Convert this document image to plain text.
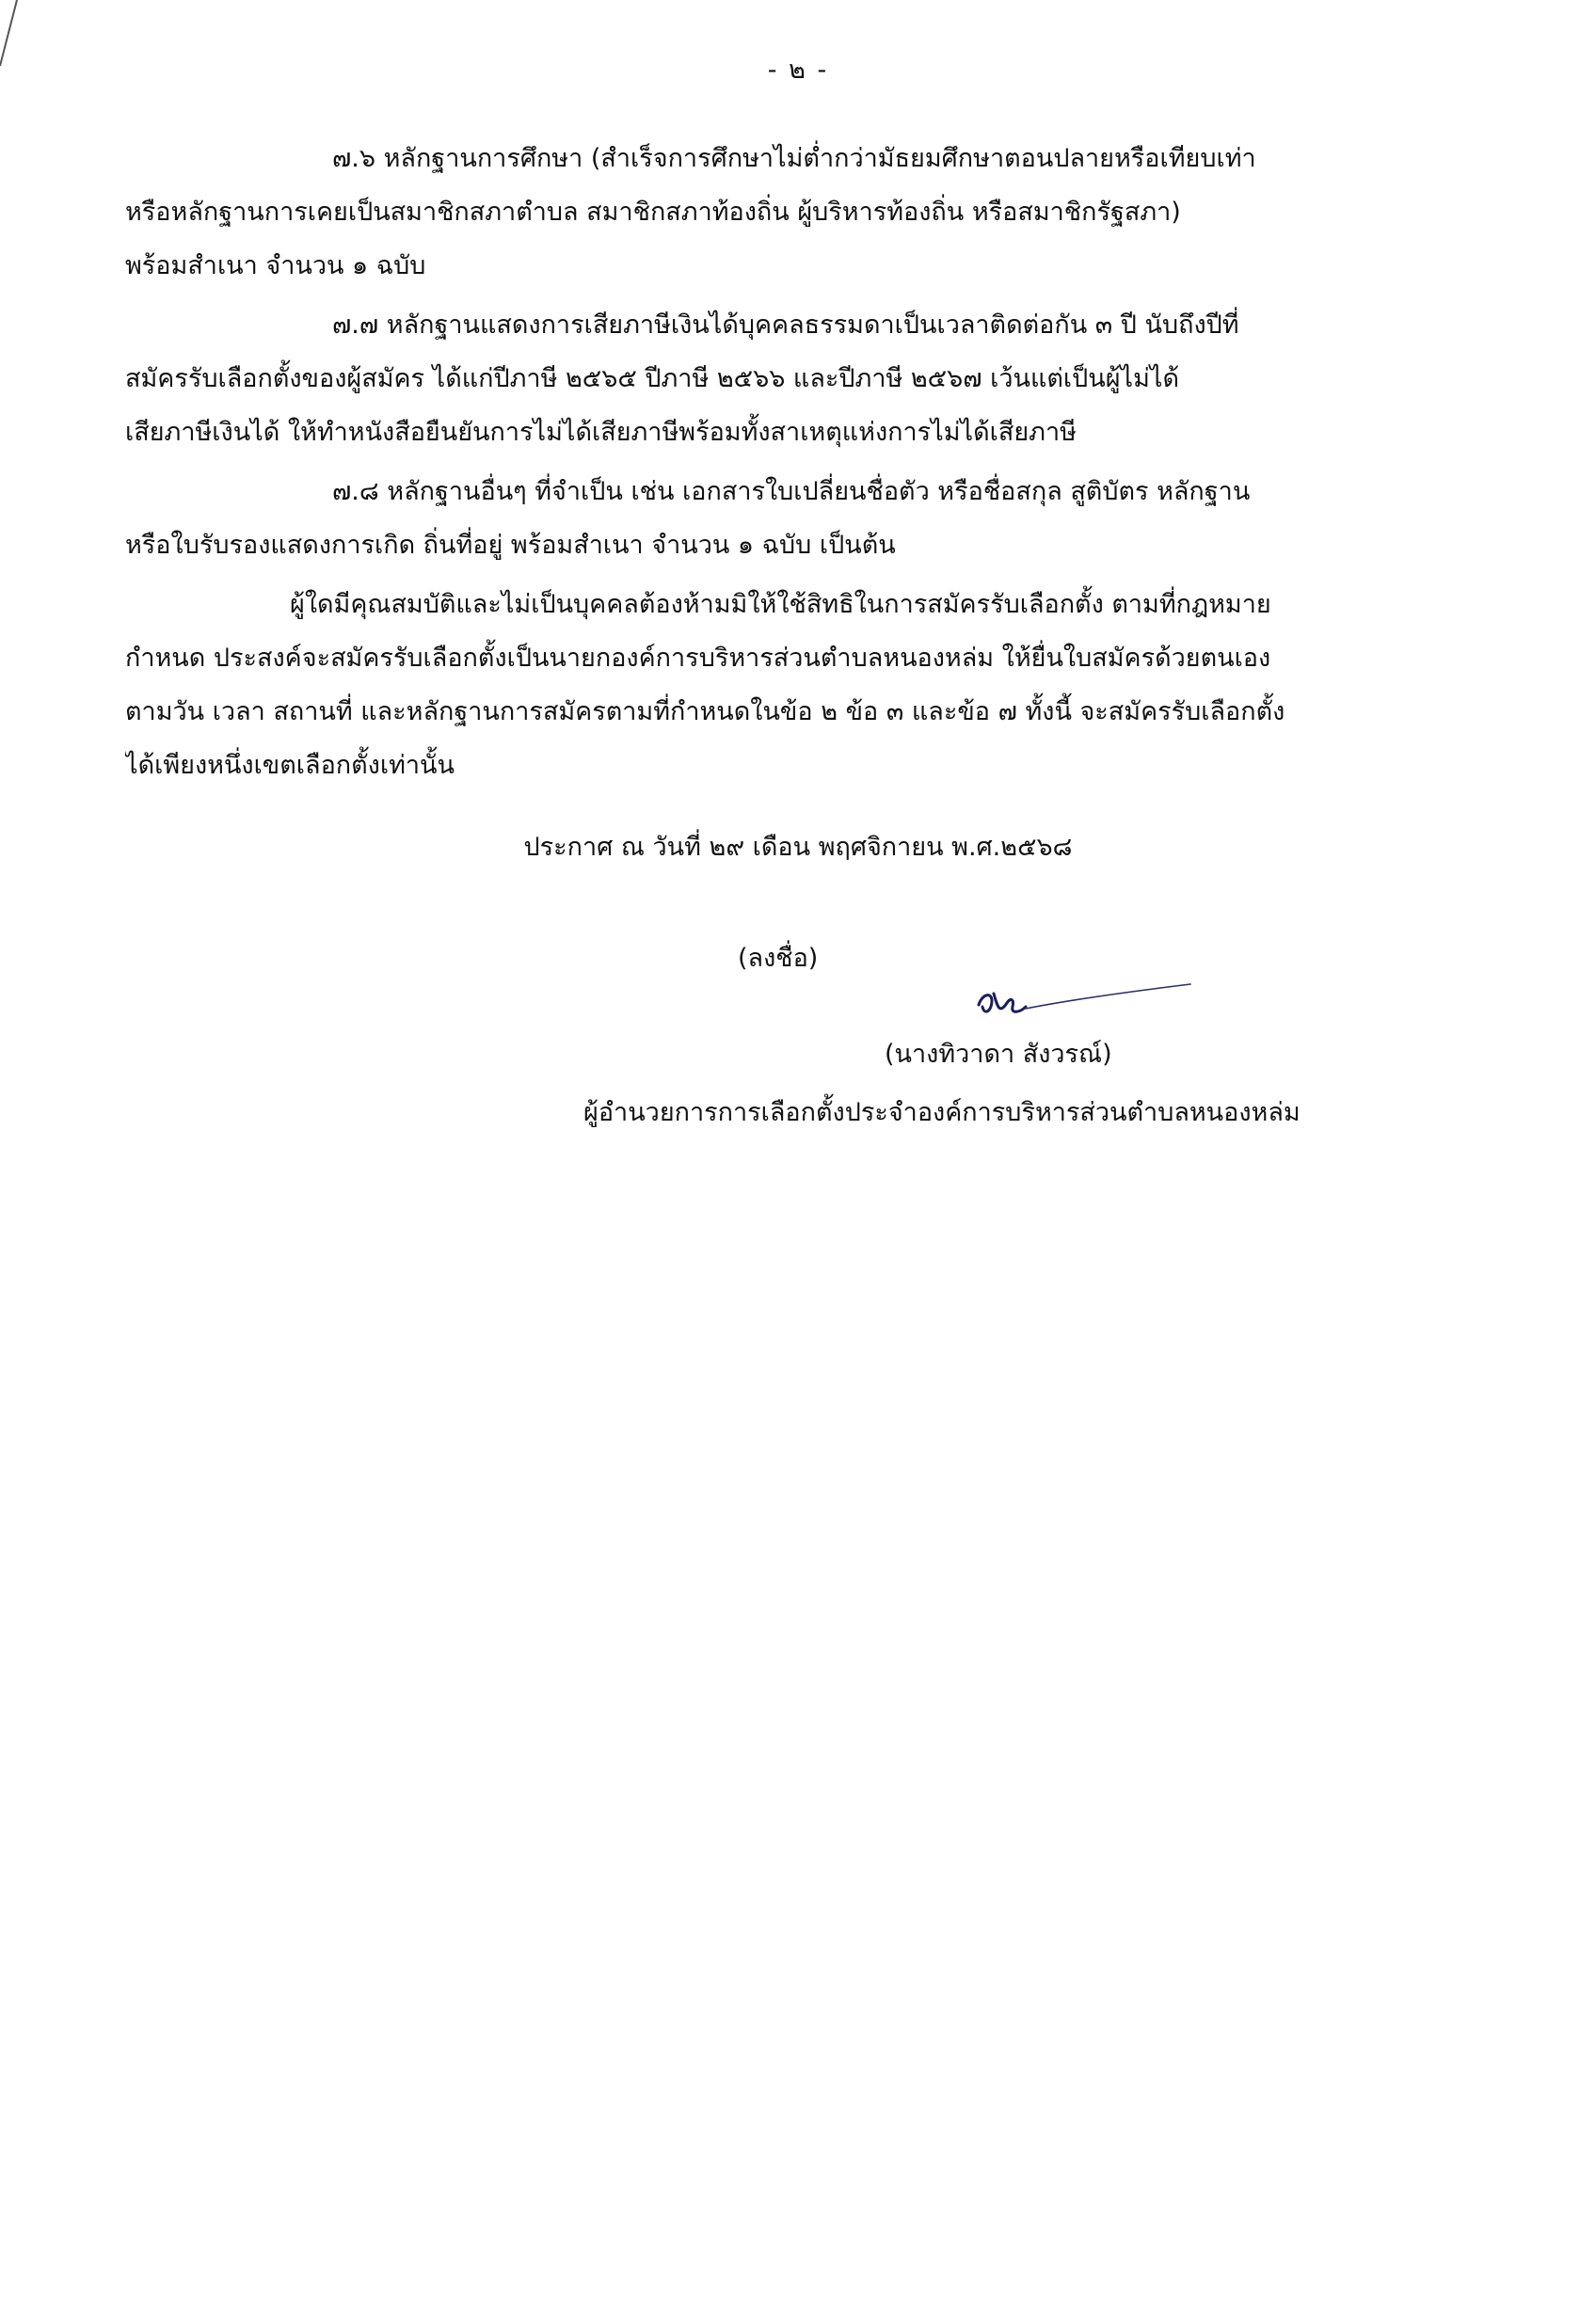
- ๒ -
๗.๖ หลักฐานการศึกษา (สำเร็จการศึกษาไม่ต่ำกว่ามัธยมศึกษาตอนปลายหรือเทียบเท่า
หรือหลักฐานการเคยเป็นสมาชิกสภาตำบล สมาชิกสภาท้องถิ่น ผู้บริหารท้องถิ่น หรือสมาชิกรัฐสภา)
พร้อมสำเนา จำนวน ๑ ฉบับ
๗.๗ หลักฐานแสดงการเสียภาษีเงินได้บุคคลธรรมดาเป็นเวลาติดต่อกัน ๓ ปี นับถึงปีที่
สมัครรับเลือกตั้งของผู้สมัคร ได้แก่ปีภาษี ๒๕๖๕ ปีภาษี ๒๕๖๖ และปีภาษี ๒๕๖๗ เว้นแต่เป็นผู้ไม่ได้
เสียภาษีเงินได้ ให้ทำหนังสือยืนยันการไม่ได้เสียภาษีพร้อมทั้งสาเหตุแห่งการไม่ได้เสียภาษี
๗.๘ หลักฐานอื่นๆ ที่จำเป็น เช่น เอกสารใบเปลี่ยนชื่อตัว หรือชื่อสกุล สูติบัตร หลักฐาน
หรือใบรับรองแสดงการเกิด ถิ่นที่อยู่ พร้อมสำเนา จำนวน ๑ ฉบับ เป็นต้น
ผู้ใดมีคุณสมบัติและไม่เป็นบุคคลต้องห้ามมิให้ใช้สิทธิในการสมัครรับเลือกตั้ง ตามที่กฎหมาย
กำหนด ประสงค์จะสมัครรับเลือกตั้งเป็นนายกองค์การบริหารส่วนตำบลหนองหล่ม ให้ยื่นใบสมัครด้วยตนเอง
ตามวัน เวลา สถานที่ และหลักฐานการสมัครตามที่กำหนดในข้อ ๒ ข้อ ๓ และข้อ ๗ ทั้งนี้ จะสมัครรับเลือกตั้ง
ได้เพียงหนึ่งเขตเลือกตั้งเท่านั้น
ประกาศ ณ วันที่ ๒๙ เดือน พฤศจิกายน พ.ศ.๒๕๖๘
(ลงชื่อ)
(นางทิวาดา สังวรณ์)
ผู้อำนวยการการเลือกตั้งประจำองค์การบริหารส่วนตำบลหนองหล่ม
